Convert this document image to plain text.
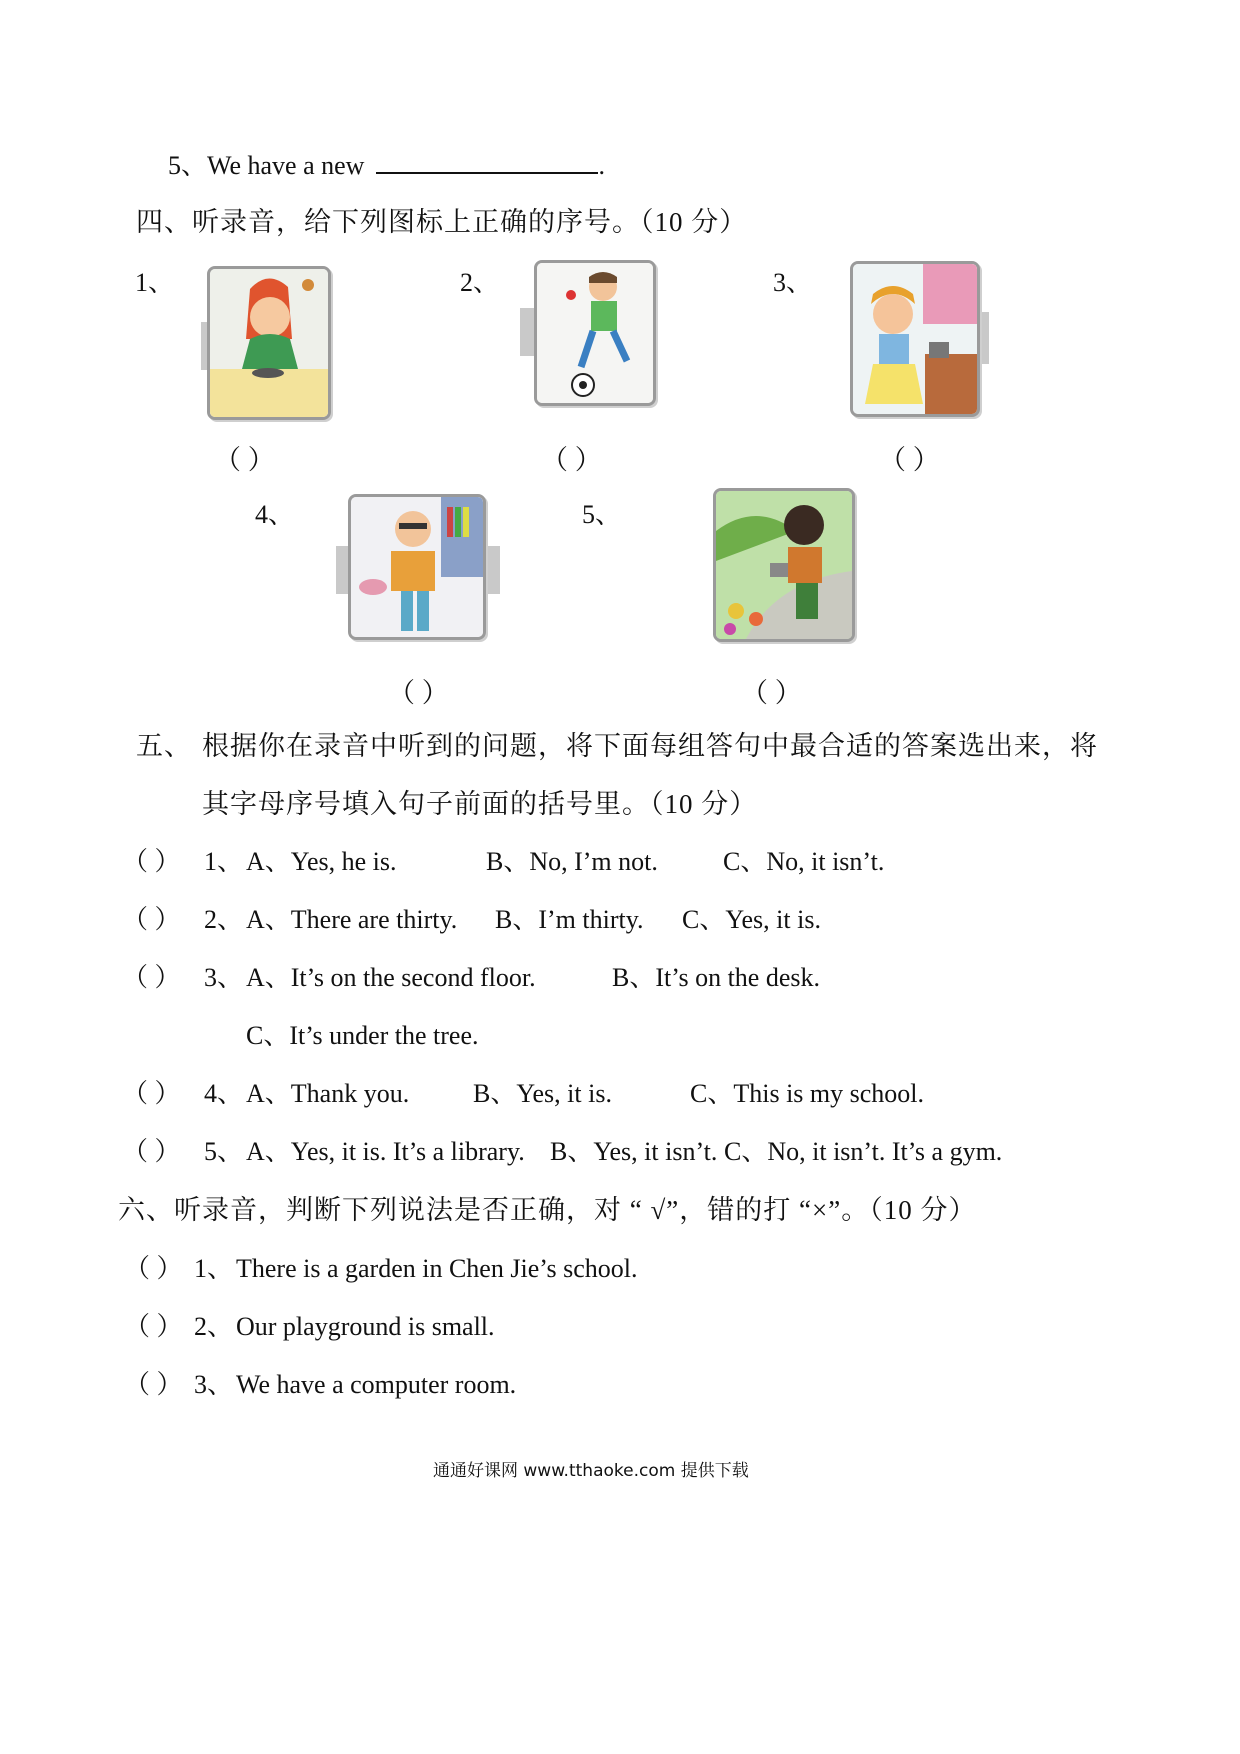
5、We have a new	.
四、听录音，给下列图标上正确的序号。（10 分）
1、	2、	3、
4、	5、
（ ）	（ ）	（ ）
（ ）	（ ）
五、 根据你在录音中听到的问题，将下面每组答句中最合适的答案选出来，将
其字母序号填入句子前面的括号里。（10 分）
（ ） 1、 A、Yes, he is.	B、No, I’m not.	C、No, it isn’t.
（ ） 2、 A、There are thirty. B、I’m thirty. C、Yes, it is.
（ ） 3、 A、It’s on the second floor.	B、It’s on the desk.
C、It’s under the tree.
（ ） 4、 A、Thank you. B、Yes, it is.	C、This is my school.
（ ） 5、 A、Yes, it is. It’s a library. B、Yes, it isn’t. C、No, it isn’t. It’s a gym.
六、听录音，判断下列说法是否正确，对 “ √”，错的打 “×”。（10 分）
（ ） 1、 There is a garden in Chen Jie’s school.
（ ） 2、 Our playground is small.
（ ） 3、 We have a computer room.
通通好课网 www.tthaoke.com 提供下载
